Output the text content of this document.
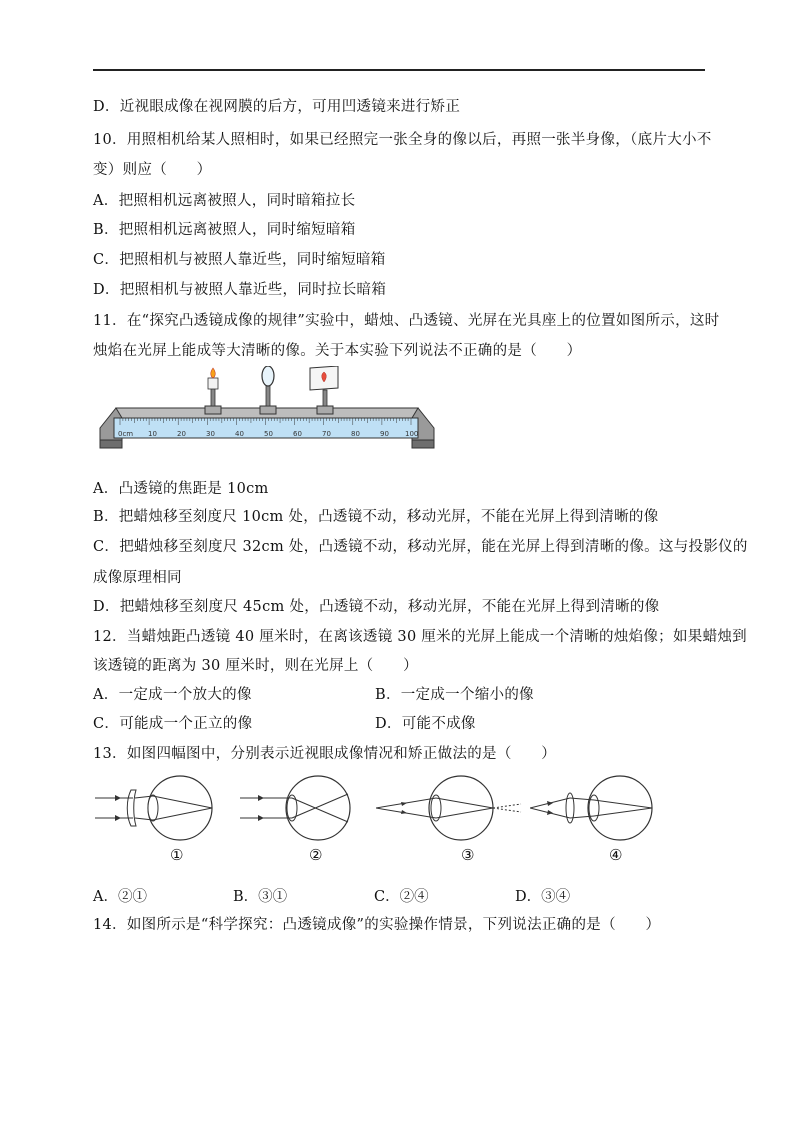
D．近视眼成像在视网膜的后方，可用凹透镜来进行矫正
10．用照相机给某人照相时，如果已经照完一张全身的像以后，再照一张半身像，（底片大小不
变）则应（　　）
A．把照相机远离被照人，同时暗箱拉长
B．把照相机远离被照人，同时缩短暗箱
C．把照相机与被照人靠近些，同时缩短暗箱
D．把照相机与被照人靠近些，同时拉长暗箱
11．在“探究凸透镜成像的规律”实验中，蜡烛、凸透镜、光屏在光具座上的位置如图所示，这时
烛焰在光屏上能成等大清晰的像。关于本实验下列说法不正确的是（　　）
0cm 10	20	30	40	50	60	70	80	90 100
A．凸透镜的焦距是 10cm
B．把蜡烛移至刻度尺 10cm 处，凸透镜不动，移动光屏，不能在光屏上得到清晰的像
C．把蜡烛移至刻度尺 32cm 处，凸透镜不动，移动光屏，能在光屏上得到清晰的像。这与投影仪的
成像原理相同
D．把蜡烛移至刻度尺 45cm 处，凸透镜不动，移动光屏，不能在光屏上得到清晰的像
12．当蜡烛距凸透镜 40 厘米时，在离该透镜 30 厘米的光屏上能成一个清晰的烛焰像；如果蜡烛到
该透镜的距离为 30 厘米时，则在光屏上（　　）
A．一定成一个放大的像	B．一定成一个缩小的像
C．可能成一个正立的像	D．可能不成像
13．如图四幅图中，分别表示近视眼成像情况和矫正做法的是（　　）
①	②	③	④
A．②①	B．③①	C．②④	D．③④
14．如图所示是“科学探究：凸透镜成像”的实验操作情景，下列说法正确的是（　　）
